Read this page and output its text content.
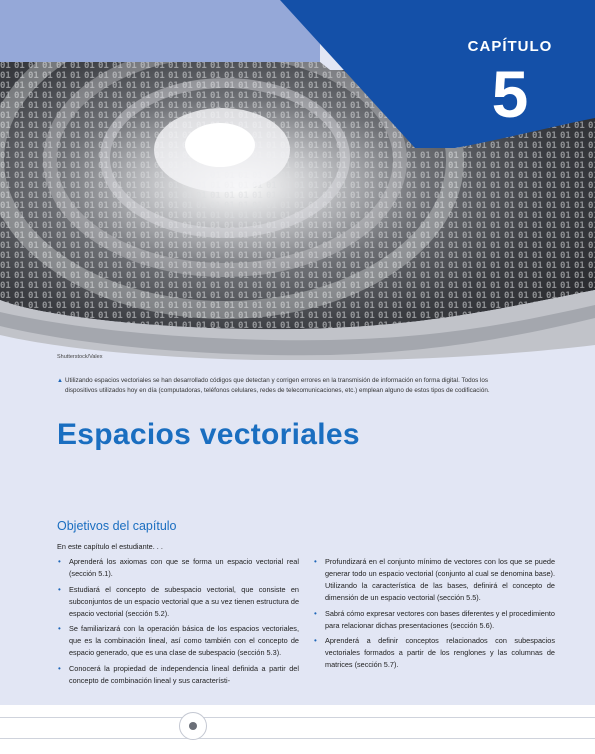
CAPÍTULO
5
Shutterstock/Valex
▲ Utilizando espacios vectoriales se han desarrollado códigos que detectan y corrigen errores en la transmisión de información en forma digital. Todos los dispositivos utilizados hoy en día (computadoras, teléfonos celulares, redes de telecomunicaciones, etc.) emplean alguno de estos tipos de codificación.
Espacios vectoriales
Objetivos del capítulo
En este capítulo el estudiante. . .
• Aprenderá los axiomas con que se forma un espacio vectorial real (sección 5.1).
• Estudiará el concepto de subespacio vectorial, que consiste en subconjuntos de un espacio vectorial que a su vez tienen estructura de espacio vectorial (sección 5.2).
• Se familiarizará con la operación básica de los espacios vectoriales, que es la combinación lineal, así como también con el concepto de espacio generado, que es una clase de subespacio (sección 5.3).
• Conocerá la propiedad de independencia lineal definida a partir del concepto de combinación lineal y sus característi-
• Profundizará en el conjunto mínimo de vectores con los que se puede generar todo un espacio vectorial (conjunto al cual se denomina base). Utilizando la característica de las bases, definirá el concepto de dimensión de un espacio vectorial (sección 5.5).
• Sabrá cómo expresar vectores con bases diferentes y el procedimiento para relacionar dichas presentaciones (sección 5.6).
• Aprenderá a definir conceptos relacionados con subespacios vectoriales formados a partir de los renglones y las columnas de matrices (sección 5.7).
